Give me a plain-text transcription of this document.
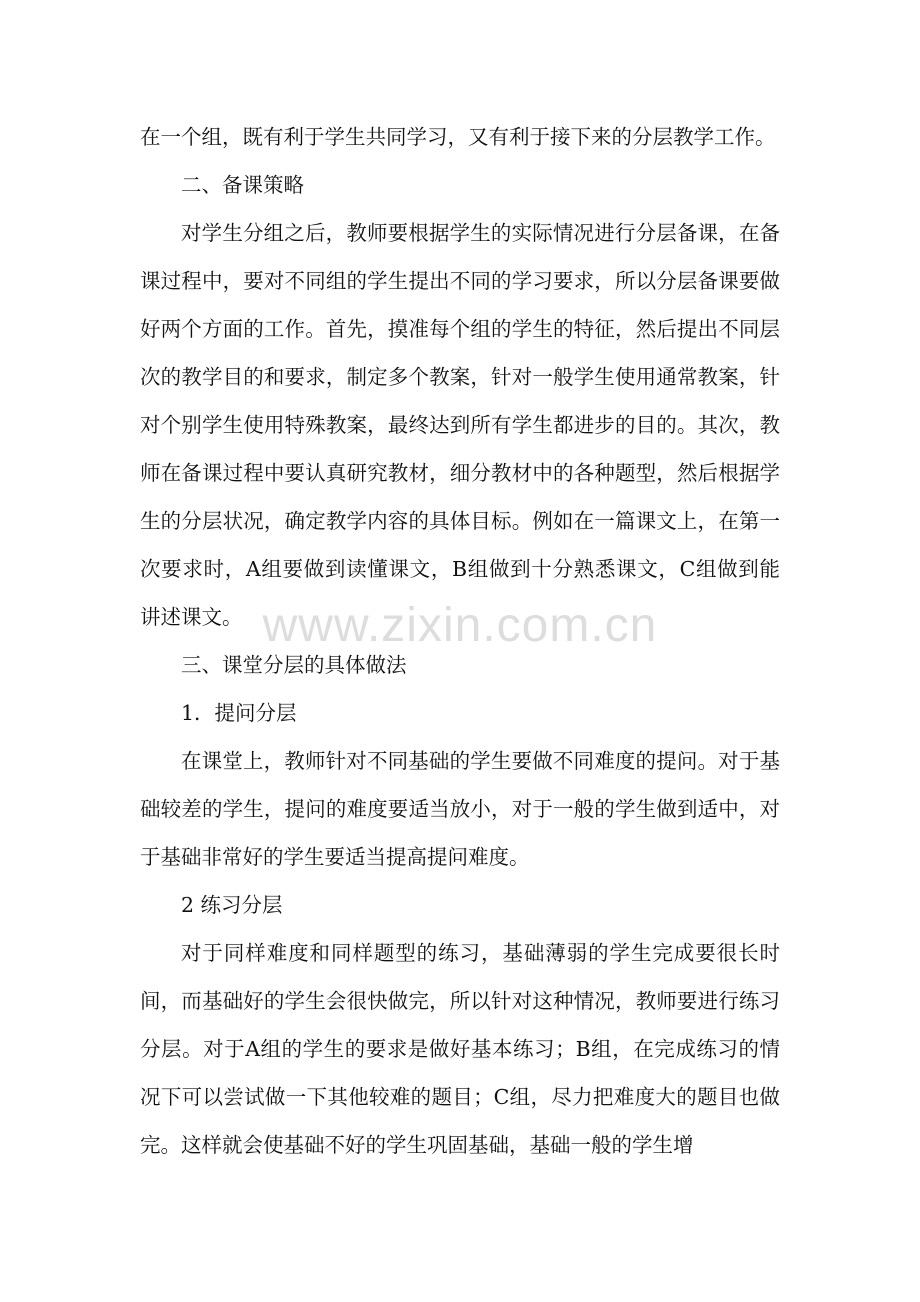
在一个组，既有利于学生共同学习，又有利于接下来的分层教学工作。

二、备课策略

对学生分组之后，教师要根据学生的实际情况进行分层备课，在备课过程中，要对不同组的学生提出不同的学习要求，所以分层备课要做好两个方面的工作。首先，摸准每个组的学生的特征，然后提出不同层次的教学目的和要求，制定多个教案，针对一般学生使用通常教案，针对个别学生使用特殊教案，最终达到所有学生都进步的目的。其次，教师在备课过程中要认真研究教材，细分教材中的各种题型，然后根据学生的分层状况，确定教学内容的具体目标。例如在一篇课文上，在第一次要求时，A组要做到读懂课文，B组做到十分熟悉课文，C组做到能讲述课文。

三、课堂分层的具体做法

1．提问分层

在课堂上，教师针对不同基础的学生要做不同难度的提问。对于基础较差的学生，提问的难度要适当放小，对于一般的学生做到适中，对于基础非常好的学生要适当提高提问难度。

2 练习分层

对于同样难度和同样题型的练习，基础薄弱的学生完成要很长时间，而基础好的学生会很快做完，所以针对这种情况，教师要进行练习分层。对于A组的学生的要求是做好基本练习；B组，在完成练习的情况下可以尝试做一下其他较难的题目；C组，尽力把难度大的题目也做完。这样就会使基础不好的学生巩固基础，基础一般的学生增

www.zixin.com.cn
